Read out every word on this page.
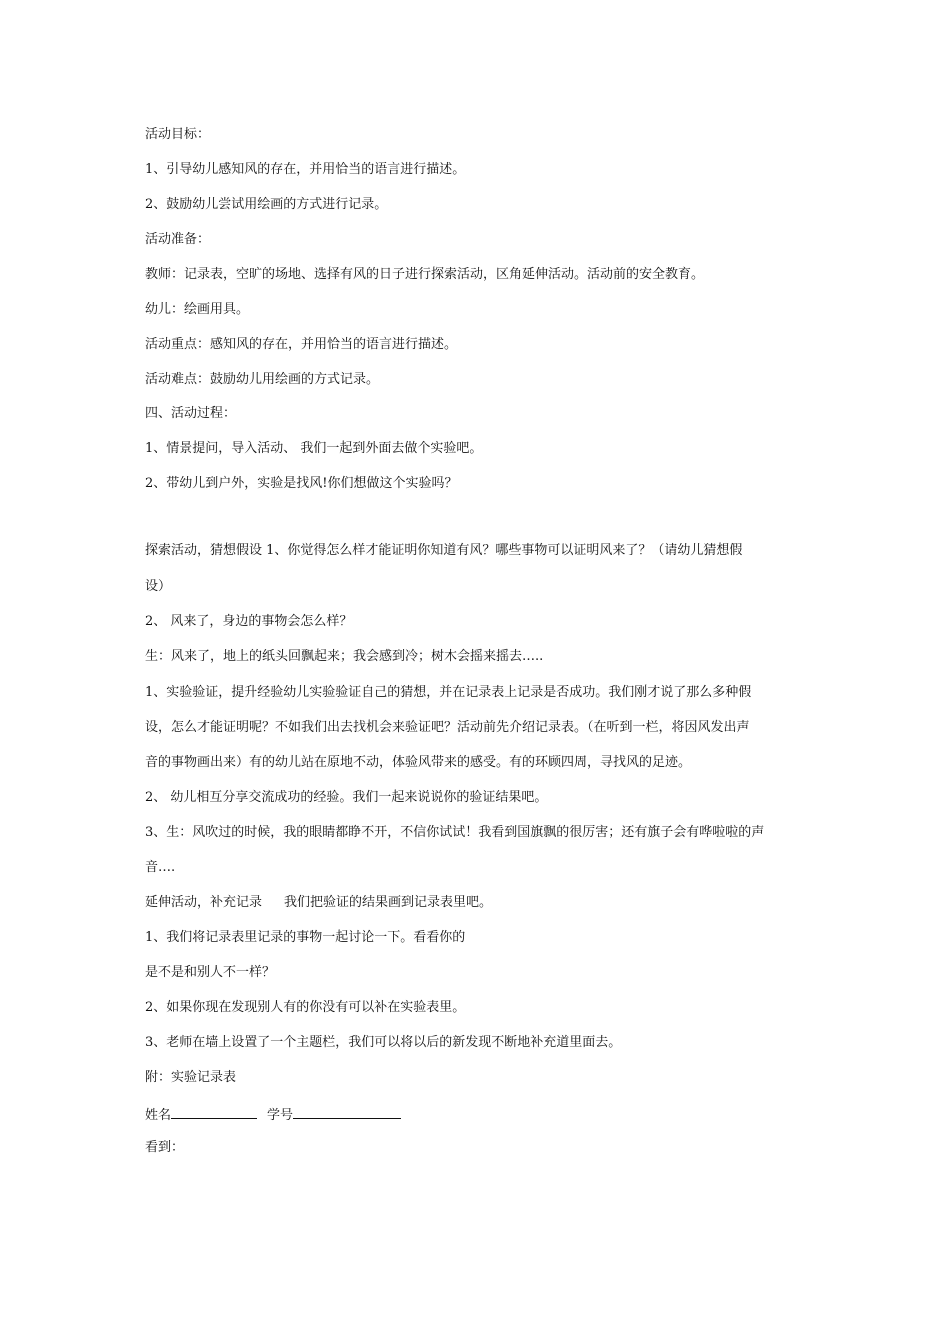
活动目标：
1、引导幼儿感知风的存在，并用恰当的语言进行描述。
2、鼓励幼儿尝试用绘画的方式进行记录。
活动准备：
教师：记录表，空旷的场地、选择有风的日子进行探索活动，区角延伸活动。活动前的安全教育。
幼儿：绘画用具。
活动重点：感知风的存在，并用恰当的语言进行描述。
活动难点：鼓励幼儿用绘画的方式记录。
四、活动过程：
1、情景提问，导入活动、 我们一起到外面去做个实验吧。
2、带幼儿到户外，实验是找风!你们想做这个实验吗？
探索活动，猜想假设 1、你觉得怎么样才能证明你知道有风？哪些事物可以证明风来了？（请幼儿猜想假
设）
2、 风来了，身边的事物会怎么样？
生：风来了，地上的纸头回飘起来；我会感到冷；树木会摇来摇去…..
1、实验验证，提升经验幼儿实验验证自己的猜想，并在记录表上记录是否成功。我们刚才说了那么多种假
设，怎么才能证明呢？不如我们出去找机会来验证吧？活动前先介绍记录表。（在听到一栏，将因风发出声
音的事物画出来）有的幼儿站在原地不动，体验风带来的感受。有的环顾四周，寻找风的足迹。
2、 幼儿相互分享交流成功的经验。我们一起来说说你的验证结果吧。
3、生：风吹过的时候，我的眼睛都睁不开，不信你试试！我看到国旗飘的很厉害；还有旗子会有哗啦啦的声
音….
延伸活动，补充记录 我们把验证的结果画到记录表里吧。
1、我们将记录表里记录的事物一起讨论一下。看看你的
是不是和别人不一样？
2、如果你现在发现别人有的你没有可以补在实验表里。
3、老师在墙上设置了一个主题栏，我们可以将以后的新发现不断地补充道里面去。
附：实验记录表
姓名	学号
看到：
